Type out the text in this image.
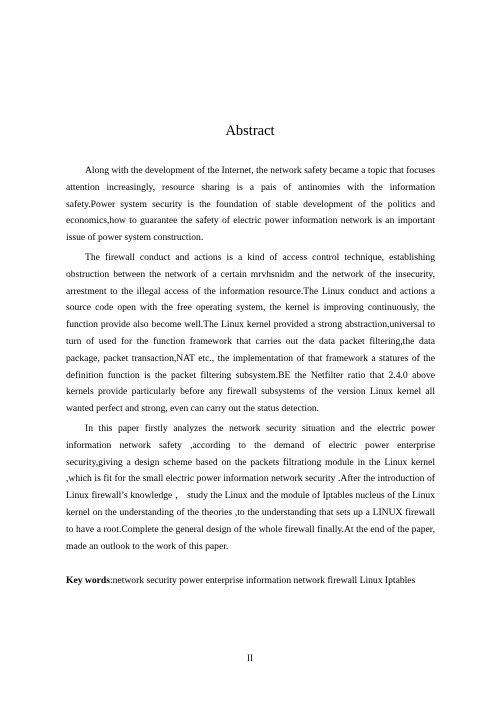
Abstract

Along with the development of the Internet, the network safety became a topic that focuses attention increasingly, resource sharing is a pais of antinomies with the information safety.Power system security is the foundation of stable development of the politics and economics,how to guarantee the safety of electric power information network is an important issue of power system construction.

The firewall conduct and actions is a kind of access control technique, establishing obstruction between the network of a certain mrvhsnidm and the network of the insecurity, arrestment to the illegal access of the information resource.The Linux conduct and actions a source code open with the free operating system, the kernel is improving continuously, the function provide also become well.The Linux kernel provided a strong abstraction,universal to turn of used for the function framework that carries out the data packet filtering,the data package, packet transaction,NAT etc., the implementation of that framework a statures of the definition function is the packet filtering subsystem.BE the Netfilter ratio that 2.4.0 above kernels provide particularly before any firewall subsystems of the version Linux kernel all wanted perfect and strong, even can carry out the status detection.

In this paper firstly analyzes the network security situation and the electric power information network safety ,according to the demand of electric power enterprise security,giving a design scheme based on the packets filtrationg module in the Linux kernel ,which is fit for the small electric power information network security .After the introduction of Linux firewall’s knowledge ， study the Linux and the module of Iptables nucleus of the Linux kernel on the understanding of the theories ,to the understanding that sets up a LINUX firewall to have a root.Complete the general design of the whole firewall finally.At the end of the paper, made an outlook to the work of this paper.

Key words:network security power enterprise information network firewall Linux Iptables
II
